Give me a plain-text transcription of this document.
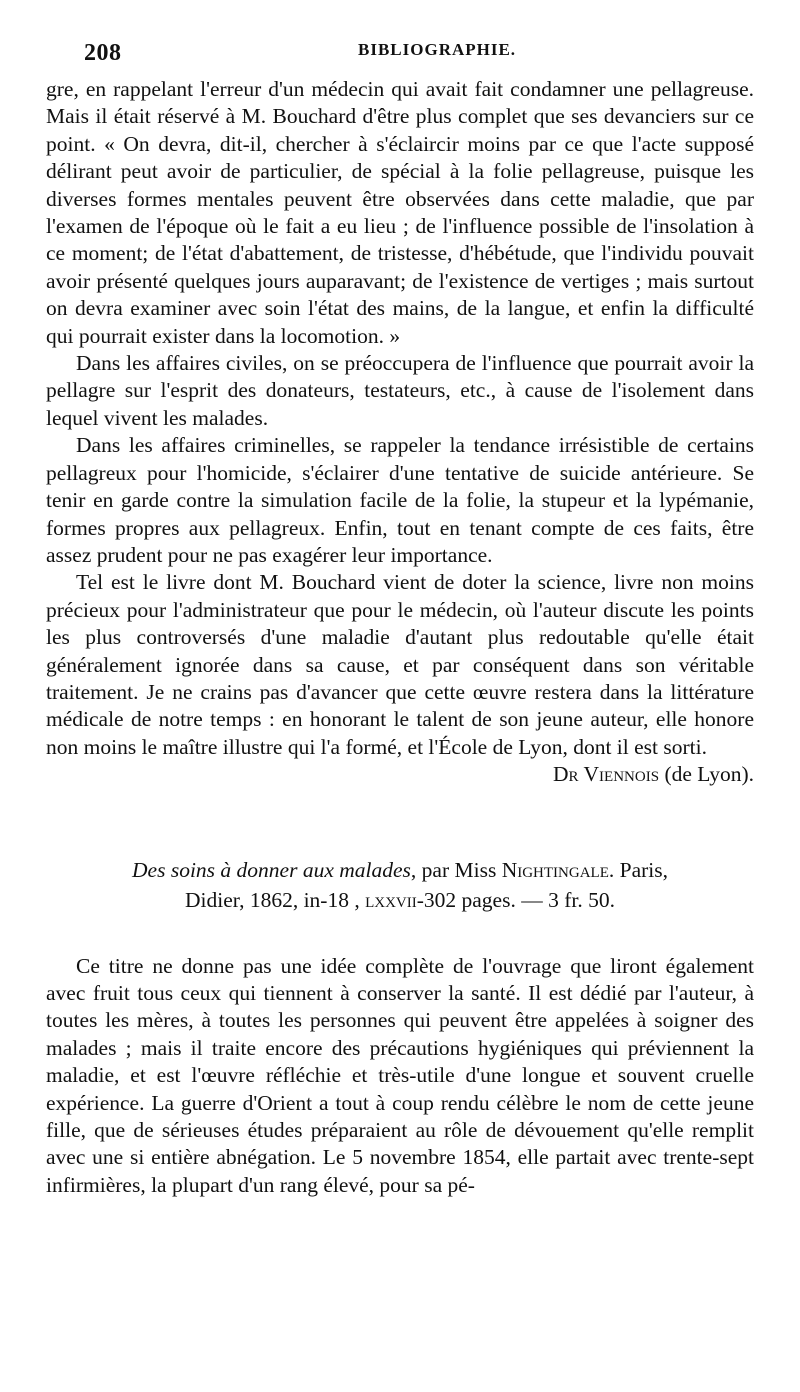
208	BIBLIOGRAPHIE.

gre, en rappelant l'erreur d'un médecin qui avait fait condamner une pellagreuse. Mais il était réservé à M. Bouchard d'être plus complet que ses devanciers sur ce point. « On devra, dit-il, chercher à s'éclaircir moins par ce que l'acte supposé délirant peut avoir de particulier, de spécial à la folie pellagreuse, puisque les diverses formes mentales peuvent être observées dans cette maladie, que par l'examen de l'époque où le fait a eu lieu ; de l'influence possible de l'insolation à ce moment; de l'état d'abattement, de tristesse, d'hébétude, que l'individu pouvait avoir présenté quelques jours auparavant; de l'existence de vertiges ; mais surtout on devra examiner avec soin l'état des mains, de la langue, et enfin la difficulté qui pourrait exister dans la locomotion. »

Dans les affaires civiles, on se préoccupera de l'influence que pourrait avoir la pellagre sur l'esprit des donateurs, testateurs, etc., à cause de l'isolement dans lequel vivent les malades.

Dans les affaires criminelles, se rappeler la tendance irrésistible de certains pellagreux pour l'homicide, s'éclairer d'une tentative de suicide antérieure. Se tenir en garde contre la simulation facile de la folie, la stupeur et la lypémanie, formes propres aux pellagreux. Enfin, tout en tenant compte de ces faits, être assez prudent pour ne pas exagérer leur importance.

Tel est le livre dont M. Bouchard vient de doter la science, livre non moins précieux pour l'administrateur que pour le médecin, où l'auteur discute les points les plus controversés d'une maladie d'autant plus redoutable qu'elle était généralement ignorée dans sa cause, et par conséquent dans son véritable traitement. Je ne crains pas d'avancer que cette œuvre restera dans la littérature médicale de notre temps : en honorant le talent de son jeune auteur, elle honore non moins le maître illustre qui l'a formé, et l'École de Lyon, dont il est sorti.

Dr Viennois (de Lyon).
Des soins à donner aux malades, par Miss Nightingale. Paris,
Didier, 1862, in-18 , lxxvii-302 pages. — 3 fr. 50.

Ce titre ne donne pas une idée complète de l'ouvrage que liront également avec fruit tous ceux qui tiennent à conserver la santé. Il est dédié par l'auteur, à toutes les mères, à toutes les personnes qui peuvent être appelées à soigner des malades ; mais il traite encore des précautions hygiéniques qui préviennent la maladie, et est l'œuvre réfléchie et très-utile d'une longue et souvent cruelle expérience. La guerre d'Orient a tout à coup rendu célèbre le nom de cette jeune fille, que de sérieuses études préparaient au rôle de dévouement qu'elle remplit avec une si entière abnégation. Le 5 novembre 1854, elle partait avec trente-sept infirmières, la plupart d'un rang élevé, pour sa pé-
